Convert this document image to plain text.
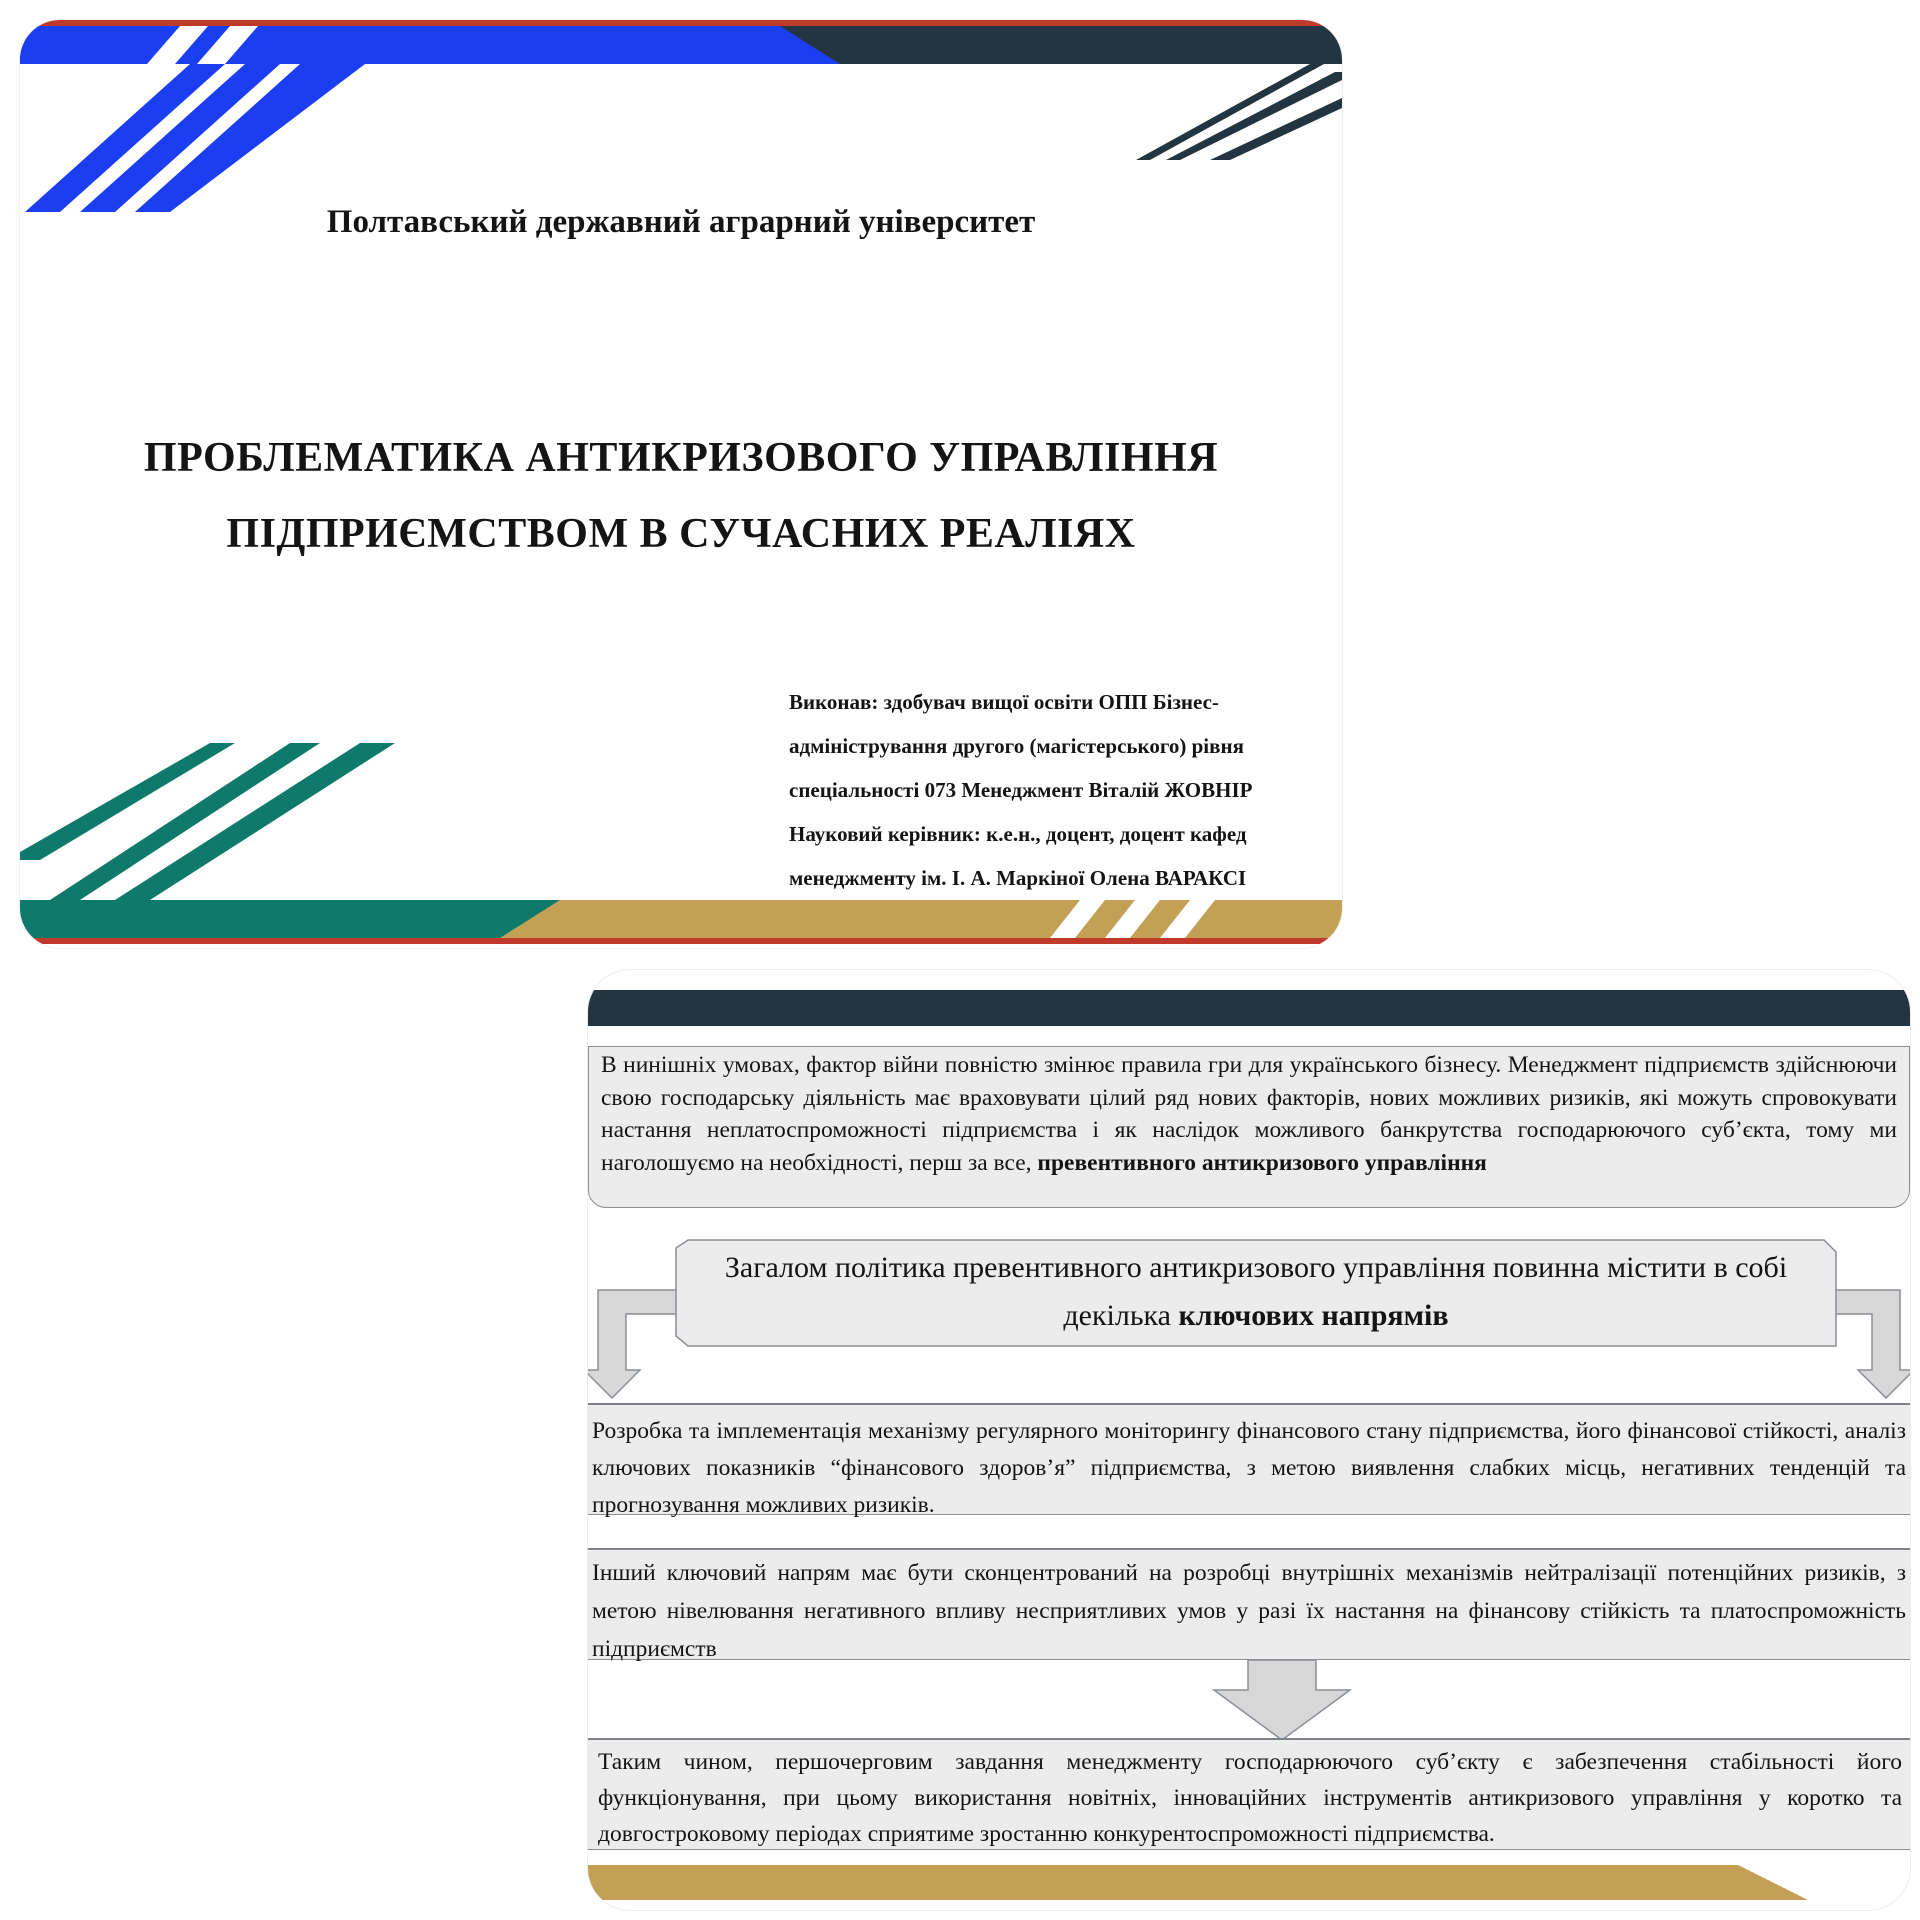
Полтавський державний аграрний університет
ПРОБЛЕМАТИКА АНТИКРИЗОВОГО УПРАВЛІННЯ
ПІДПРИЄМСТВОМ В СУЧАСНИХ РЕАЛІЯХ
Виконав: здобувач вищої освіти ОПП Бізнес-
адміністрування другого (магістерського) рівня
спеціальності 073 Менеджмент Віталій ЖОВНІР
Науковий керівник: к.е.н., доцент, доцент кафед
менеджменту ім. І. А. Маркіної Олена ВАРАКСІ

В нинішніх умовах, фактор війни повністю змінює правила гри для українського бізнесу. Менеджмент підприємств здійснюючи свою господарську діяльність має враховувати цілий ряд нових факторів, нових можливих ризиків, які можуть спровокувати настання неплатоспроможності підприємства і як наслідок можливого банкрутства господарюючого суб’єкта, тому ми наголошуємо на необхідності, перш за все, превентивного антикризового управління

Загалом політика превентивного антикризового управління повинна містити в собі декілька ключових напрямів

Розробка та імплементація механізму регулярного моніторингу фінансового стану підприємства, його фінансової стійкості, аналіз ключових показників “фінансового здоров’я” підприємства, з метою виявлення слабких місць, негативних тенденцій та прогнозування можливих ризиків.

Інший ключовий напрям має бути сконцентрований на розробці внутрішніх механізмів нейтралізації потенційних ризиків, з метою нівелювання негативного впливу несприятливих умов у разі їх настання на фінансову стійкість та платоспроможність підприємств

Таким чином, першочерговим завдання менеджменту господарюючого суб’єкту є забезпечення стабільності його функціонування, при цьому використання новітніх, інноваційних інструментів антикризового управління у коротко та довгостроковому періодах сприятиме зростанню конкурентоспроможності підприємства.
